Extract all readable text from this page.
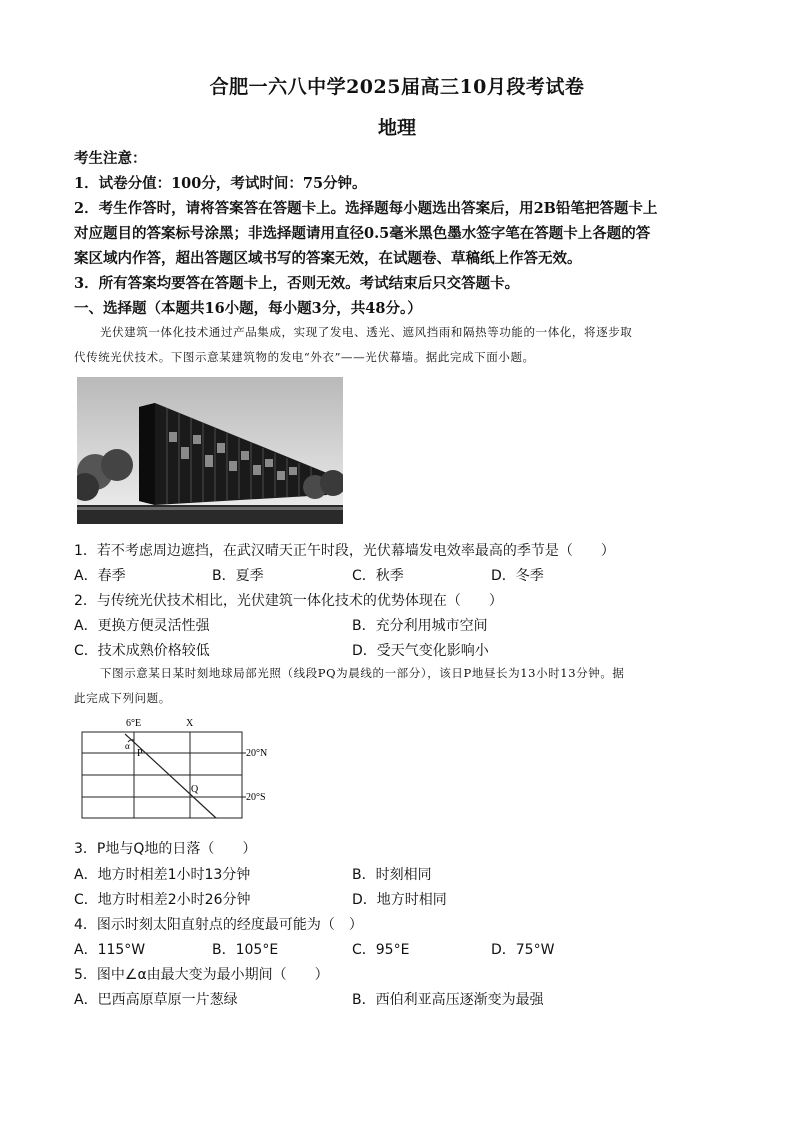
合肥一六八中学2025届高三10月段考试卷
地理
考生注意：
1．试卷分值：100分，考试时间：75分钟。
2．考生作答时，请将答案答在答题卡上。选择题每小题选出答案后，用2B铅笔把答题卡上
对应题目的答案标号涂黑；非选择题请用直径0.5毫米黑色墨水签字笔在答题卡上各题的答
案区域内作答，超出答题区域书写的答案无效，在试题卷、草稿纸上作答无效。
3．所有答案均要答在答题卡上，否则无效。考试结束后只交答题卡。
一、选择题（本题共16小题，每小题3分，共48分。）
光伏建筑一体化技术通过产品集成，实现了发电、透光、遮风挡雨和隔热等功能的一体化，将逐步取
代传统光伏技术。下图示意某建筑物的发电“外衣”——光伏幕墙。据此完成下面小题。
1．若不考虑周边遮挡，在武汉晴天正午时段，光伏幕墙发电效率最高的季节是（　　）
A．春季	B．夏季	C．秋季	D．冬季
2．与传统光伏技术相比，光伏建筑一体化技术的优势体现在（　　）
A．更换方便灵活性强	B．充分利用城市空间
C．技术成熟价格较低	D．受天气变化影响小
下图示意某日某时刻地球局部光照（线段PQ为晨线的一部分），该日P地昼长为13小时13分钟。据
此完成下列问题。
6°E	X
α
P
Q
20°N
20°S
3．P地与Q地的日落（　　）
A．地方时相差1小时13分钟	B．时刻相同
C．地方时相差2小时26分钟	D．地方时相同
4．图示时刻太阳直射点的经度最可能为（　）
A．115°W	B．105°E	C．95°E	D．75°W
5．图中∠α由最大变为最小期间（　　）
A．巴西高原草原一片葱绿	B．西伯利亚高压逐渐变为最强
